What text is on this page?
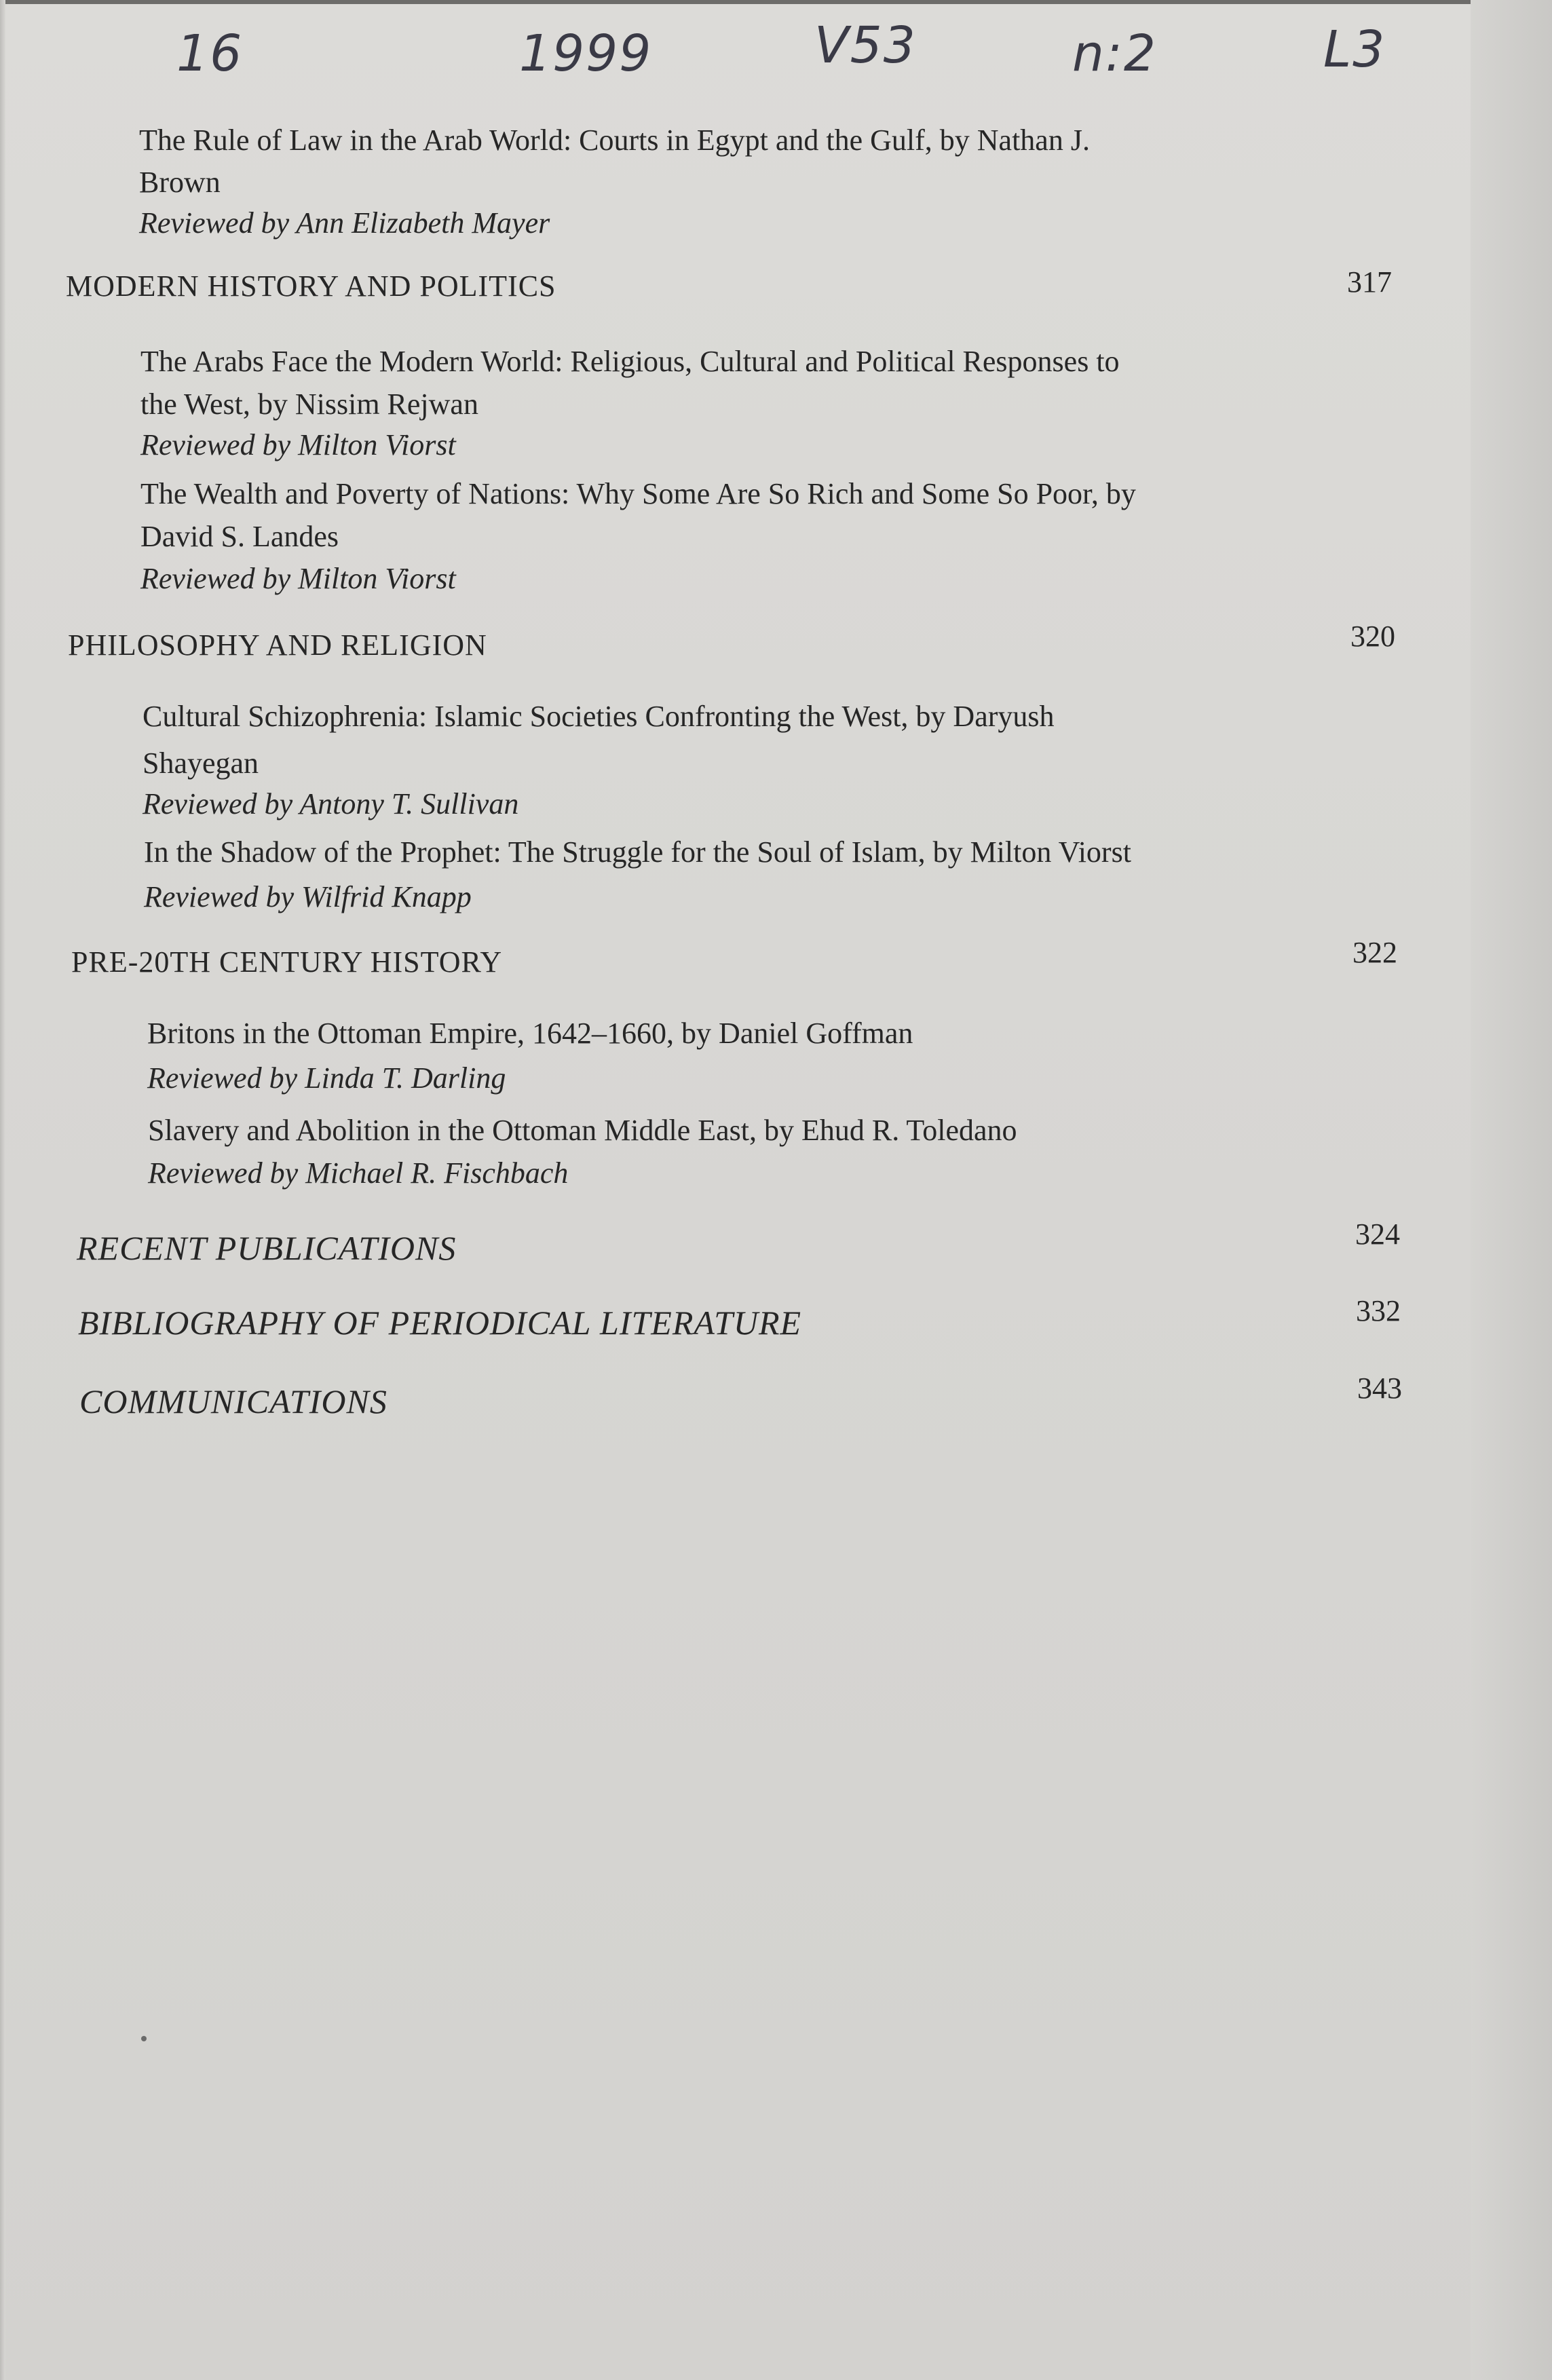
16	1999	V53	n:2	L3
The Rule of Law in the Arab World: Courts in Egypt and the Gulf, by Nathan J.
Brown
Reviewed by Ann Elizabeth Mayer
MODERN HISTORY AND POLITICS	317
The Arabs Face the Modern World: Religious, Cultural and Political Responses to
the West, by Nissim Rejwan
Reviewed by Milton Viorst
The Wealth and Poverty of Nations: Why Some Are So Rich and Some So Poor, by
David S. Landes
Reviewed by Milton Viorst
PHILOSOPHY AND RELIGION	320
Cultural Schizophrenia: Islamic Societies Confronting the West, by Daryush
Shayegan
Reviewed by Antony T. Sullivan
In the Shadow of the Prophet: The Struggle for the Soul of Islam, by Milton Viorst
Reviewed by Wilfrid Knapp
PRE-20TH CENTURY HISTORY	322
Britons in the Ottoman Empire, 1642–1660, by Daniel Goffman
Reviewed by Linda T. Darling
Slavery and Abolition in the Ottoman Middle East, by Ehud R. Toledano
Reviewed by Michael R. Fischbach
RECENT PUBLICATIONS	324
BIBLIOGRAPHY OF PERIODICAL LITERATURE	332
COMMUNICATIONS	343
